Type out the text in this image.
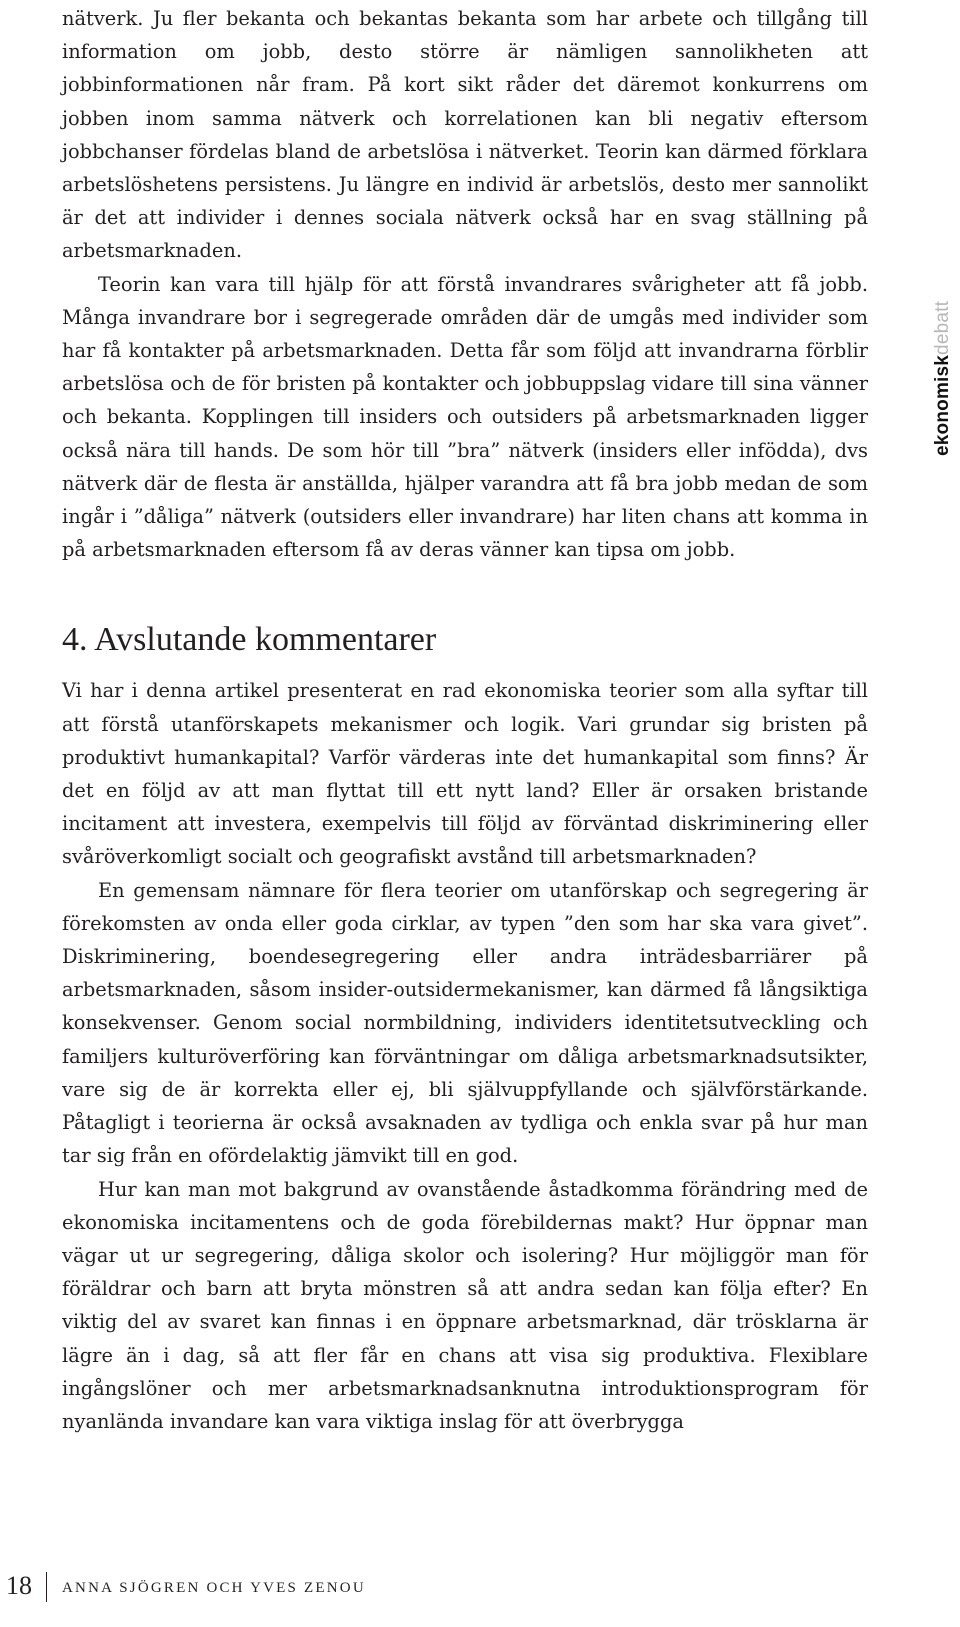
nätverk. Ju fler bekanta och bekantas bekanta som har arbete och tillgång till information om jobb, desto större är nämligen sannolikheten att jobbinformationen når fram. På kort sikt råder det däremot konkurrens om jobben inom samma nätverk och korrelationen kan bli negativ eftersom jobbchanser fördelas bland de arbetslösa i nätverket. Teorin kan därmed förklara arbetslöshetens persistens. Ju längre en individ är arbetslös, desto mer sannolikt är det att individer i dennes sociala nätverk också har en svag ställning på arbetsmarknaden.

Teorin kan vara till hjälp för att förstå invandrares svårigheter att få jobb. Många invandrare bor i segregerade områden där de umgås med individer som har få kontakter på arbetsmarknaden. Detta får som följd att invandrarna förblir arbetslösa och de för bristen på kontakter och jobbuppslag vidare till sina vänner och bekanta. Kopplingen till insiders och outsiders på arbetsmarknaden ligger också nära till hands. De som hör till ”bra” nätverk (insiders eller infödda), dvs nätverk där de flesta är anställda, hjälper varandra att få bra jobb medan de som ingår i ”dåliga” nätverk (outsiders eller invandrare) har liten chans att komma in på arbetsmarknaden eftersom få av deras vänner kan tipsa om jobb.

4. Avslutande kommentarer

Vi har i denna artikel presenterat en rad ekonomiska teorier som alla syftar till att förstå utanförskapets mekanismer och logik. Vari grundar sig bristen på produktivt humankapital? Varför värderas inte det humankapital som finns? Är det en följd av att man flyttat till ett nytt land? Eller är orsaken bristande incitament att investera, exempelvis till följd av förväntad diskriminering eller svåröverkomligt socialt och geografiskt avstånd till arbetsmarknaden?

En gemensam nämnare för flera teorier om utanförskap och segregering är förekomsten av onda eller goda cirklar, av typen ”den som har ska vara givet”. Diskriminering, boendesegregering eller andra inträdesbarriärer på arbetsmarknaden, såsom insider-outsidermekanismer, kan därmed få långsiktiga konsekvenser. Genom social normbildning, individers identitetsutveckling och familjers kulturöverföring kan förväntningar om dåliga arbetsmarknadsutsikter, vare sig de är korrekta eller ej, bli självuppfyllande och självförstärkande. Påtagligt i teorierna är också avsaknaden av tydliga och enkla svar på hur man tar sig från en ofördelaktig jämvikt till en god.

Hur kan man mot bakgrund av ovanstående åstadkomma förändring med de ekonomiska incitamentens och de goda förebildernas makt? Hur öppnar man vägar ut ur segregering, dåliga skolor och isolering? Hur möjliggör man för föräldrar och barn att bryta mönstren så att andra sedan kan följa efter? En viktig del av svaret kan finnas i en öppnare arbetsmarknad, där trösklarna är lägre än i dag, så att fler får en chans att visa sig produktiva. Flexiblare ingångslöner och mer arbetsmarknadsanknutna introduktionsprogram för nyanlända invandare kan vara viktiga inslag för att överbrygga

ekonomiskdebatt
18 ANNA SJÖGREN OCH YVES ZENOU
